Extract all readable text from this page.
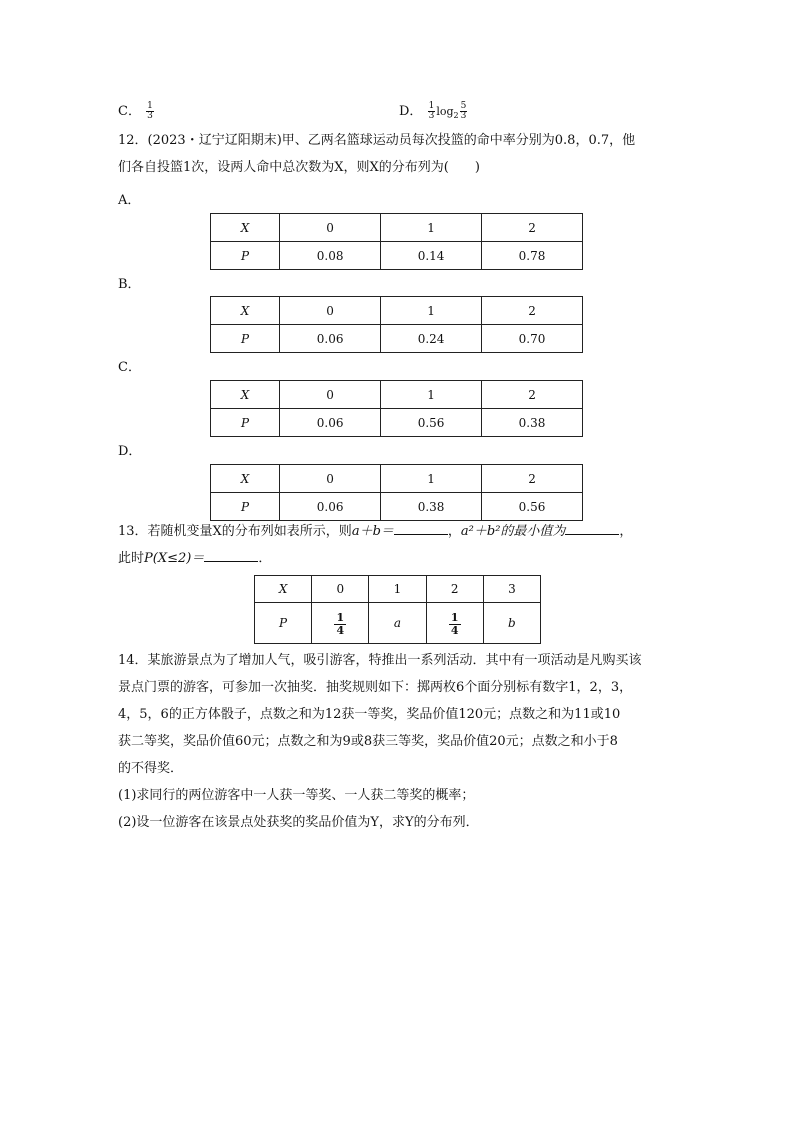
C． $\frac{1}{3}$	D． $\frac{1}{3} \log_2 \frac{5}{3}$
12．(2023・辽宁辽阳期末)甲、乙两名篮球运动员每次投篮的命中率分别为0.8，0.7，他
们各自投篮1次，设两人命中总次数为X，则X的分布列为(　　)
A．
X	0	1	2
P	0.08	0.14	0.78
B．
X	0	1	2
P	0.06	0.24	0.70
C．
X	0	1	2
P	0.06	0.56	0.38
D．
X	0	1	2
P	0.06	0.38	0.56
13．若随机变量X的分布列如表所示，则a＋b＝	，a²＋b²的最小值为	，
此时P(X≤2)＝	．
X	0	1	2	3
P	$\frac{1}{4}$	a	$\frac{1}{4}$	b
14．某旅游景点为了增加人气，吸引游客，特推出一系列活动．其中有一项活动是凡购买该
景点门票的游客，可参加一次抽奖．抽奖规则如下：掷两枚6个面分别标有数字1，2，3，
4，5，6的正方体骰子，点数之和为12获一等奖，奖品价值120元；点数之和为11或10
获二等奖，奖品价值60元；点数之和为9或8获三等奖，奖品价值20元；点数之和小于8
的不得奖．
(1)求同行的两位游客中一人获一等奖、一人获二等奖的概率；
(2)设一位游客在该景点处获奖的奖品价值为Y，求Y的分布列．
